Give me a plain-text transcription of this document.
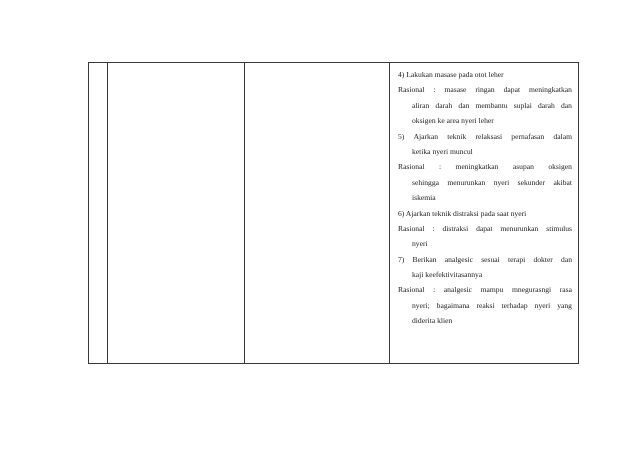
4) Lakukan masase pada otot leher
Rasional : masase ringan dapat meningkatkan
aliran darah dan membantu suplai darah dan
oksigen ke area nyeri leher
5) Ajarkan teknik relaksasi pernafasan dalam
ketika nyeri muncul
Rasional : meningkatkan asupan oksigen
sehingga menurunkan nyeri sekunder akibat
iskemia
6) Ajarkan teknik distraksi pada saat nyeri
Rasional : distraksi dapat menurunkan stimulus
nyeri
7) Berikan analgesic sesuai terapi dokter dan
kaji keefektivitasannya
Rasional : analgesic mampu mnegurasngi rasa
nyeri; bagaimana reaksi terhadap nyeri yang
diderita klien
